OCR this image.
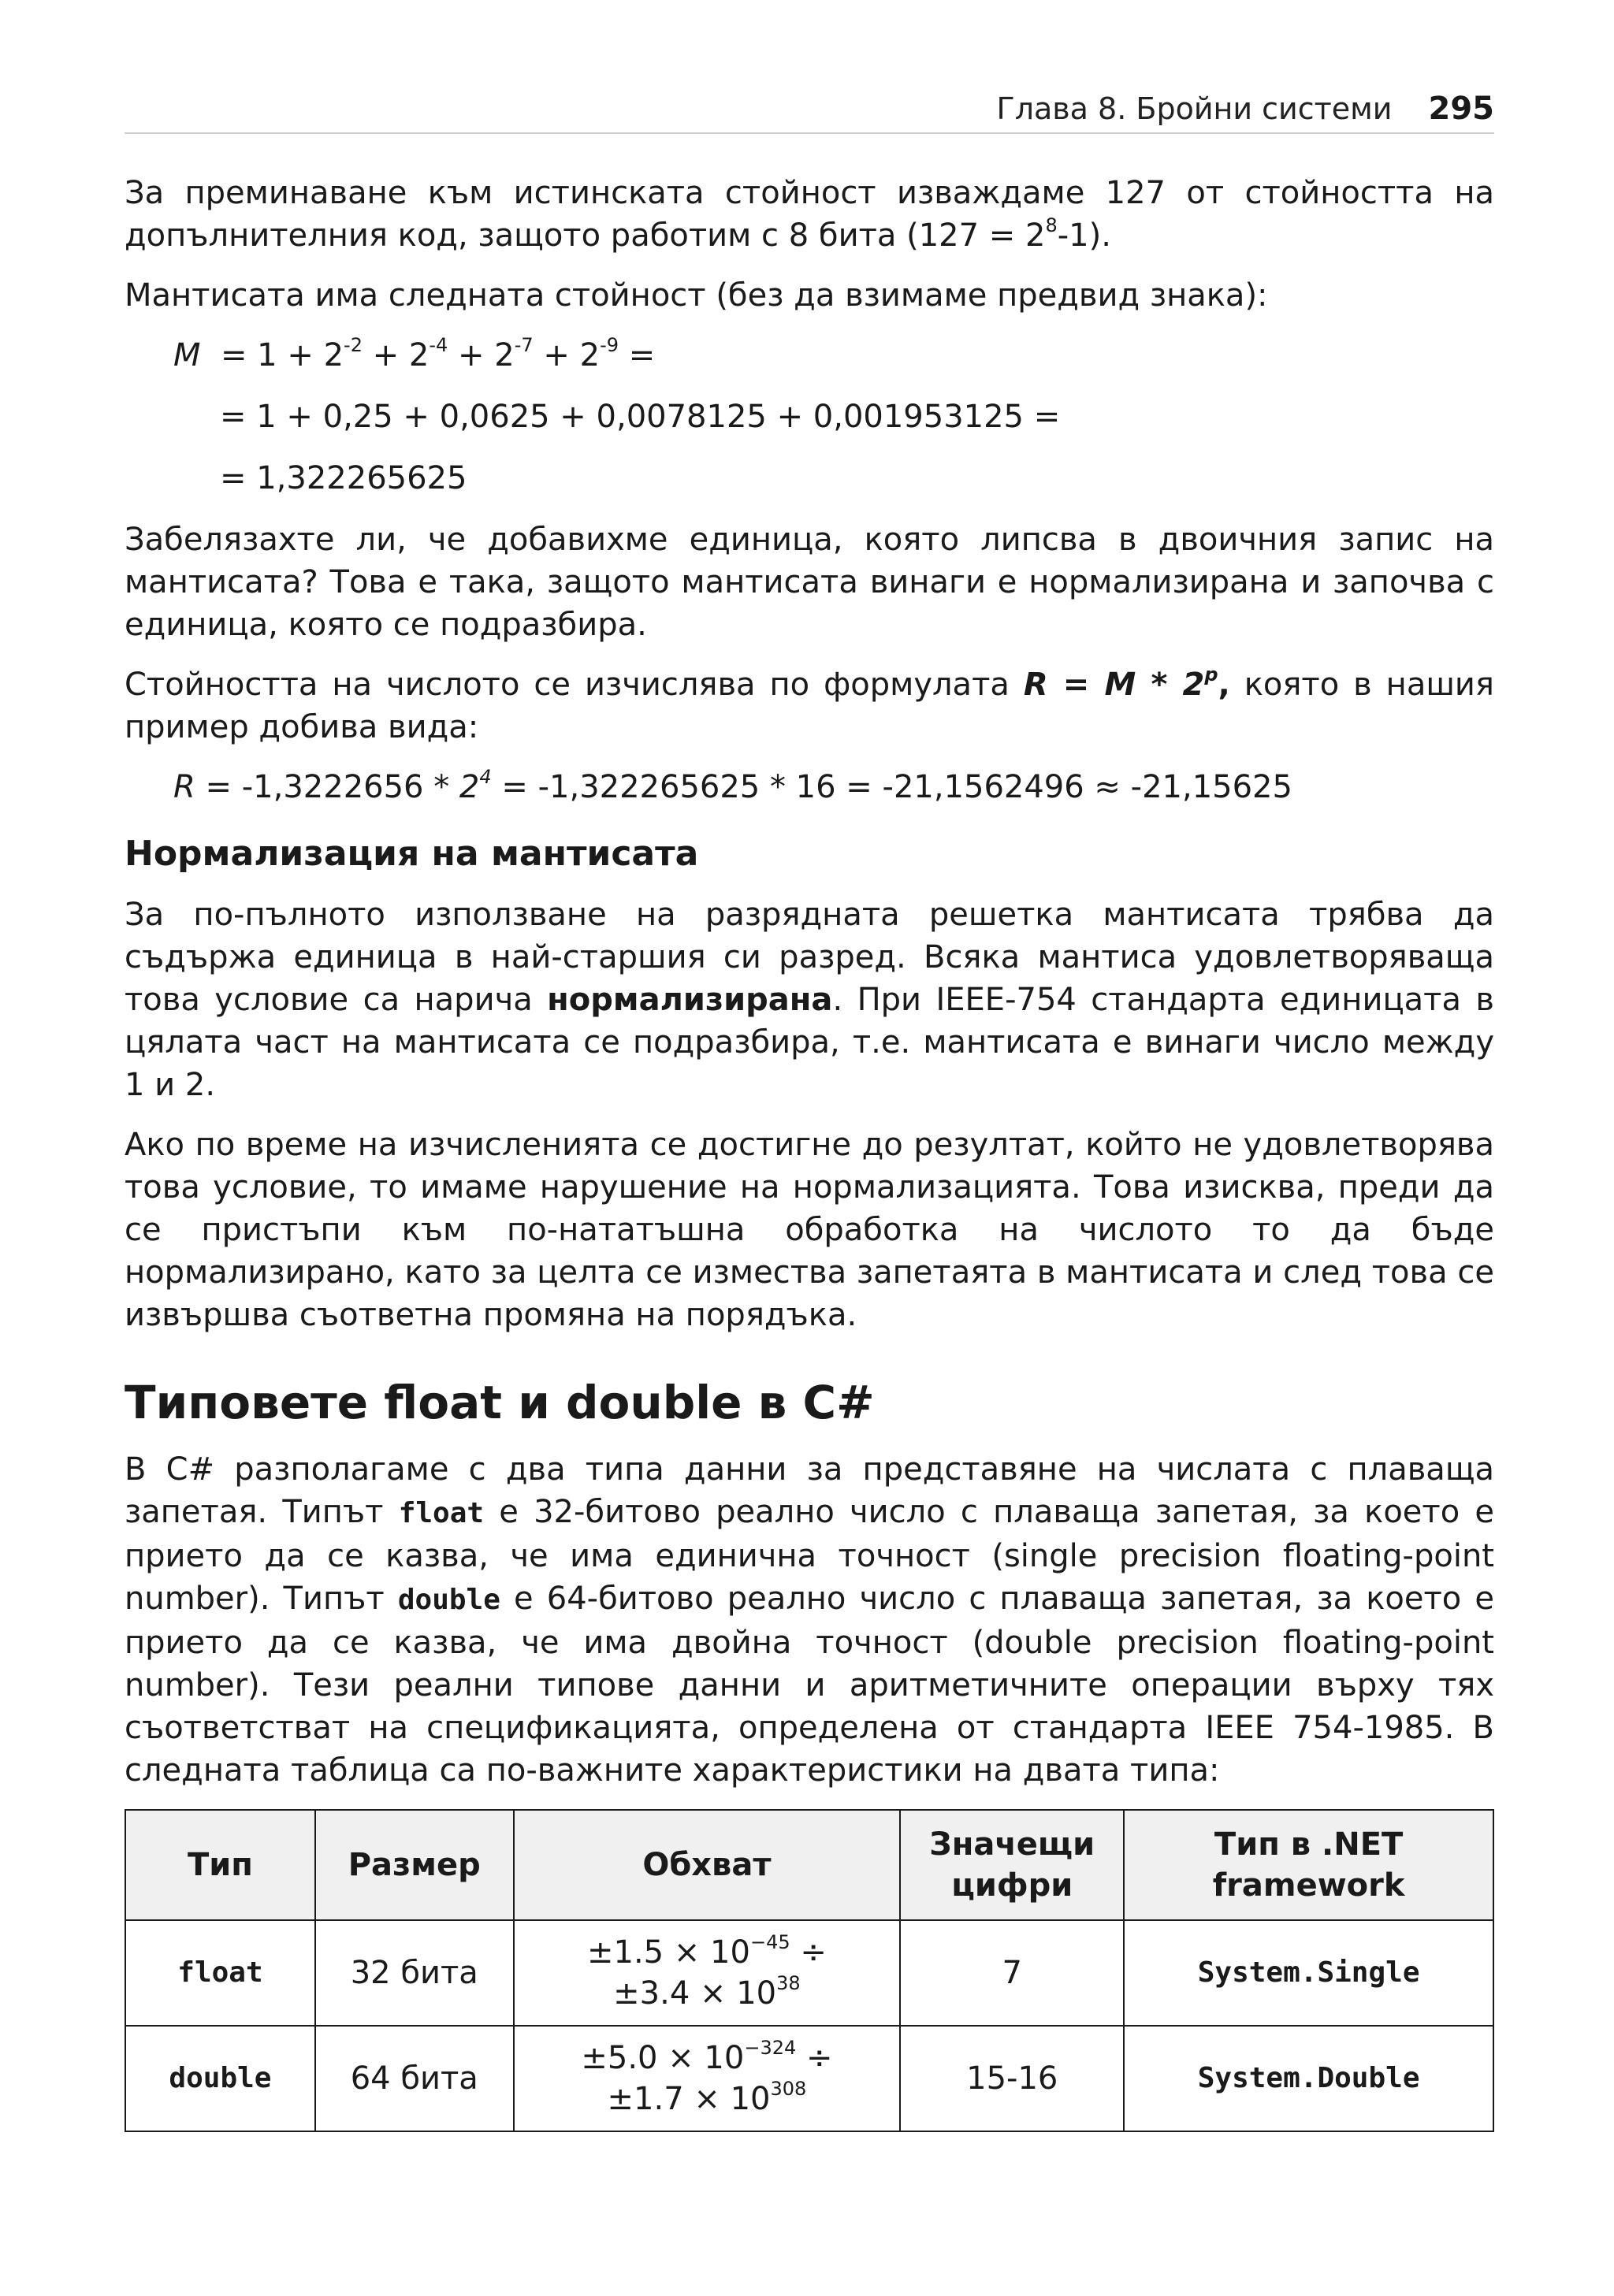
Глава 8. Бройни системи 295

За преминаване към истинската стойност изваждаме 127 от стойността на допълнителния код, защото работим с 8 бита $(127 = 2^8-1)$.

Мантисата има следната стойност (без да взимаме предвид знака):

$M = 1 + 2^{-2} + 2^{-4} + 2^{-7} + 2^{-9}$ =
= 1 + 0,25 + 0,0625 + 0,0078125 + 0,001953125 =
= 1,322265625

Забелязахте ли, че добавихме единица, която липсва в двоичния запис на мантисата? Това е така, защото мантисата винаги е нормализирана и започва с единица, която се подразбира.

Стойността на числото се изчислява по формулата R = M * 2$^p$, която в нашия пример добива вида:

$R = -1,3222656 * 2^4 = -1,322265625 * 16 = -21,1562496 \approx -21,15625$
Нормализация на мантисата

За по-пълното използване на разрядната решетка мантисата трябва да съдържа единица в най-старшия си разред. Всяка мантиса удовлетворяваща това условие са нарича нормализирана. При IEEE-754 стандарта единицата в цялата част на мантисата се подразбира, т.е. мантисата е винаги число между 1 и 2.

Ако по време на изчисленията се достигне до резултат, който не удовлетворява това условие, то имаме нарушение на нормализацията. Това изисква, преди да се пристъпи към по-нататъшна обработка на числото то да бъде нормализирано, като за целта се измества запетаята в мантисата и след това се извършва съответна промяна на порядъка.

Типовете float и double в C#

В C# разполагаме с два типа данни за представяне на числата с плаваща запетая. Типът float е 32-битово реално число с плаваща запетая, за което е прието да се казва, че има единична точност (single precision floating-point number). Типът double е 64-битово реално число с плаваща запетая, за което е прието да се казва, че има двойна точност (double precision floating-point number). Тези реални типове данни и аритметичните операции върху тях съответстват на спецификацията, определена от стандарта IEEE 754-1985. В следната таблица са по-важните характеристики на двата типа:

Тип	Размер	Обхват	Значещи цифри	Тип в .NET framework
float	32 бита	$\pm 1.5 \times 10^{-45}$ ÷
$\pm 3.4 \times 10^{38}$	7	System.Single
double	64 бита	$\pm 5.0 \times 10^{-324}$ ÷
$\pm 1.7 \times 10^{308}$	15-16	System.Double
